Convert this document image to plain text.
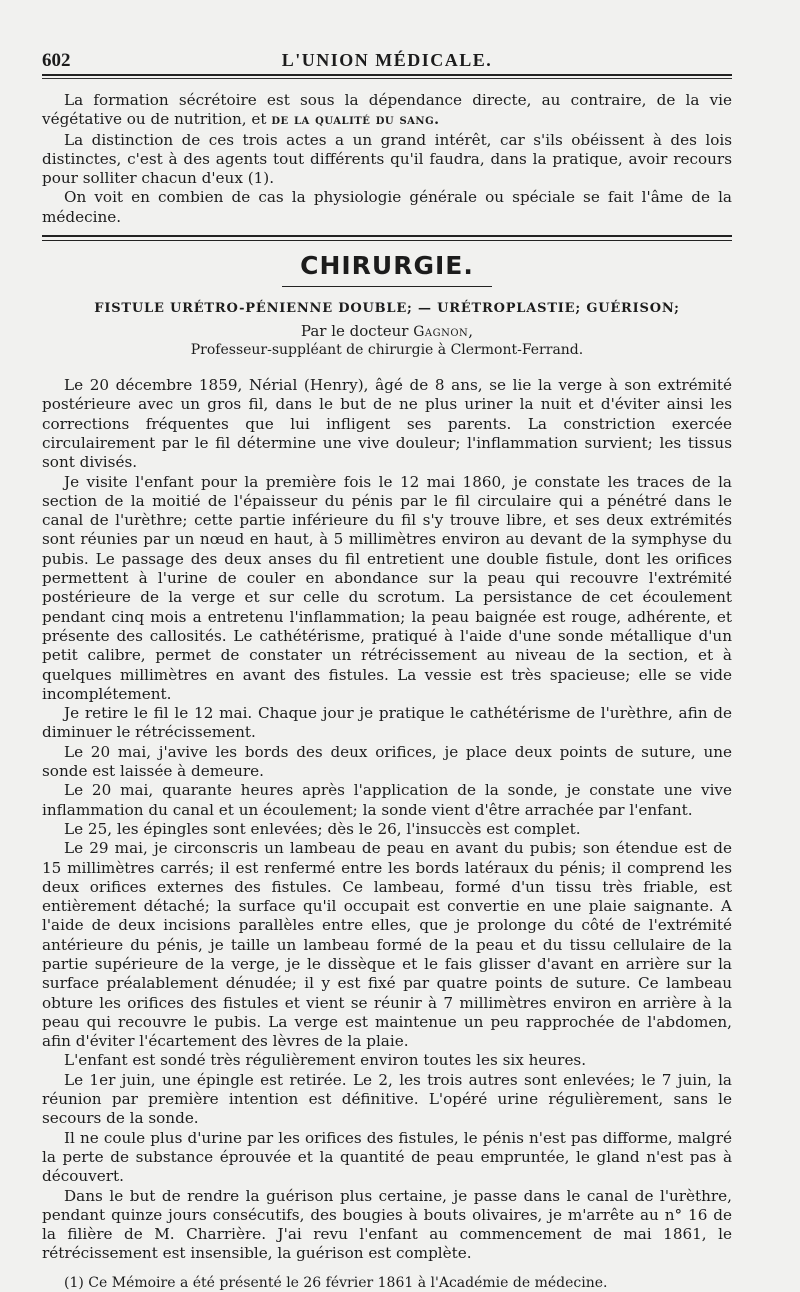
602	L'UNION MÉDICALE.

La formation sécrétoire est sous la dépendance directe, au contraire, de la vie végétative ou de nutrition, et de la qualité du sang.

La distinction de ces trois actes a un grand intérêt, car s'ils obéissent à des lois distinctes, c'est à des agents tout différents qu'il faudra, dans la pratique, avoir recours pour solliter chacun d'eux (1).

On voit en combien de cas la physiologie générale ou spéciale se fait l'âme de la médecine.

CHIRURGIE.
FISTULE URÉTRO-PÉNIENNE DOUBLE; — URÉTROPLASTIE; GUÉRISON;
Par le docteur Gagnon,
Professeur-suppléant de chirurgie à Clermont-Ferrand.

Le 20 décembre 1859, Nérial (Henry), âgé de 8 ans, se lie la verge à son extrémité postérieure avec un gros fil, dans le but de ne plus uriner la nuit et d'éviter ainsi les corrections fréquentes que lui infligent ses parents. La constriction exercée circulairement par le fil détermine une vive douleur; l'inflammation survient; les tissus sont divisés.

Je visite l'enfant pour la première fois le 12 mai 1860, je constate les traces de la section de la moitié de l'épaisseur du pénis par le fil circulaire qui a pénétré dans le canal de l'urèthre; cette partie inférieure du fil s'y trouve libre, et ses deux extrémités sont réunies par un nœud en haut, à 5 millimètres environ au devant de la symphyse du pubis. Le passage des deux anses du fil entretient une double fistule, dont les orifices permettent à l'urine de couler en abondance sur la peau qui recouvre l'extrémité postérieure de la verge et sur celle du scrotum. La persistance de cet écoulement pendant cinq mois a entretenu l'inflammation; la peau baignée est rouge, adhérente, et présente des callosités. Le cathétérisme, pratiqué à l'aide d'une sonde métallique d'un petit calibre, permet de constater un rétrécissement au niveau de la section, et à quelques millimètres en avant des fistules. La vessie est très spacieuse; elle se vide incomplétement.

Je retire le fil le 12 mai. Chaque jour je pratique le cathétérisme de l'urèthre, afin de diminuer le rétrécissement.

Le 20 mai, j'avive les bords des deux orifices, je place deux points de suture, une sonde est laissée à demeure.

Le 20 mai, quarante heures après l'application de la sonde, je constate une vive inflammation du canal et un écoulement; la sonde vient d'être arrachée par l'enfant.

Le 25, les épingles sont enlevées; dès le 26, l'insuccès est complet.

Le 29 mai, je circonscris un lambeau de peau en avant du pubis; son étendue est de 15 millimètres carrés; il est renfermé entre les bords latéraux du pénis; il comprend les deux orifices externes des fistules. Ce lambeau, formé d'un tissu très friable, est entièrement détaché; la surface qu'il occupait est convertie en une plaie saignante. A l'aide de deux incisions parallèles entre elles, que je prolonge du côté de l'extrémité antérieure du pénis, je taille un lambeau formé de la peau et du tissu cellulaire de la partie supérieure de la verge, je le dissèque et le fais glisser d'avant en arrière sur la surface préalablement dénudée; il y est fixé par quatre points de suture. Ce lambeau obture les orifices des fistules et vient se réunir à 7 millimètres environ en arrière à la peau qui recouvre le pubis. La verge est maintenue un peu rapprochée de l'abdomen, afin d'éviter l'écartement des lèvres de la plaie.

L'enfant est sondé très régulièrement environ toutes les six heures.

Le 1er juin, une épingle est retirée. Le 2, les trois autres sont enlevées; le 7 juin, la réunion par première intention est définitive. L'opéré urine régulièrement, sans le secours de la sonde.

Il ne coule plus d'urine par les orifices des fistules, le pénis n'est pas difforme, malgré la perte de substance éprouvée et la quantité de peau empruntée, le gland n'est pas à découvert.

Dans le but de rendre la guérison plus certaine, je passe dans le canal de l'urèthre, pendant quinze jours consécutifs, des bougies à bouts olivaires, je m'arrête au n° 16 de la filière de M. Charrière. J'ai revu l'enfant au commencement de mai 1861, le rétrécissement est insensible, la guérison est complète.

(1) Ce Mémoire a été présenté le 26 février 1861 à l'Académie de médecine.
